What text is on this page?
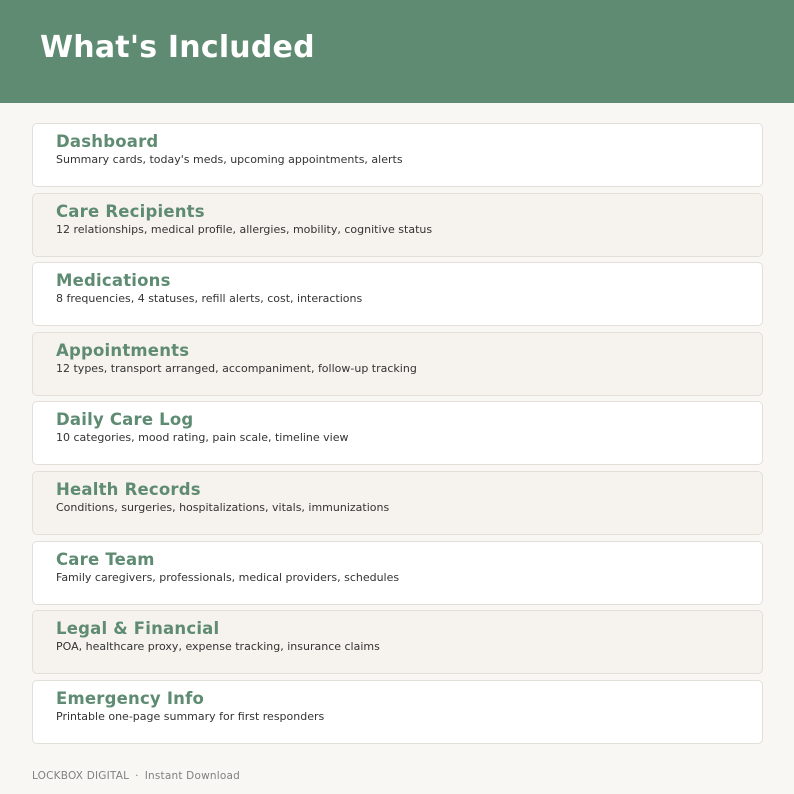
What's Included
Dashboard
Summary cards, today's meds, upcoming appointments, alerts
Care Recipients
12 relationships, medical profile, allergies, mobility, cognitive status
Medications
8 frequencies, 4 statuses, refill alerts, cost, interactions
Appointments
12 types, transport arranged, accompaniment, follow-up tracking
Daily Care Log
10 categories, mood rating, pain scale, timeline view
Health Records
Conditions, surgeries, hospitalizations, vitals, immunizations
Care Team
Family caregivers, professionals, medical providers, schedules
Legal & Financial
POA, healthcare proxy, expense tracking, insurance claims
Emergency Info
Printable one-page summary for first responders
LOCKBOX DIGITAL · Instant Download
